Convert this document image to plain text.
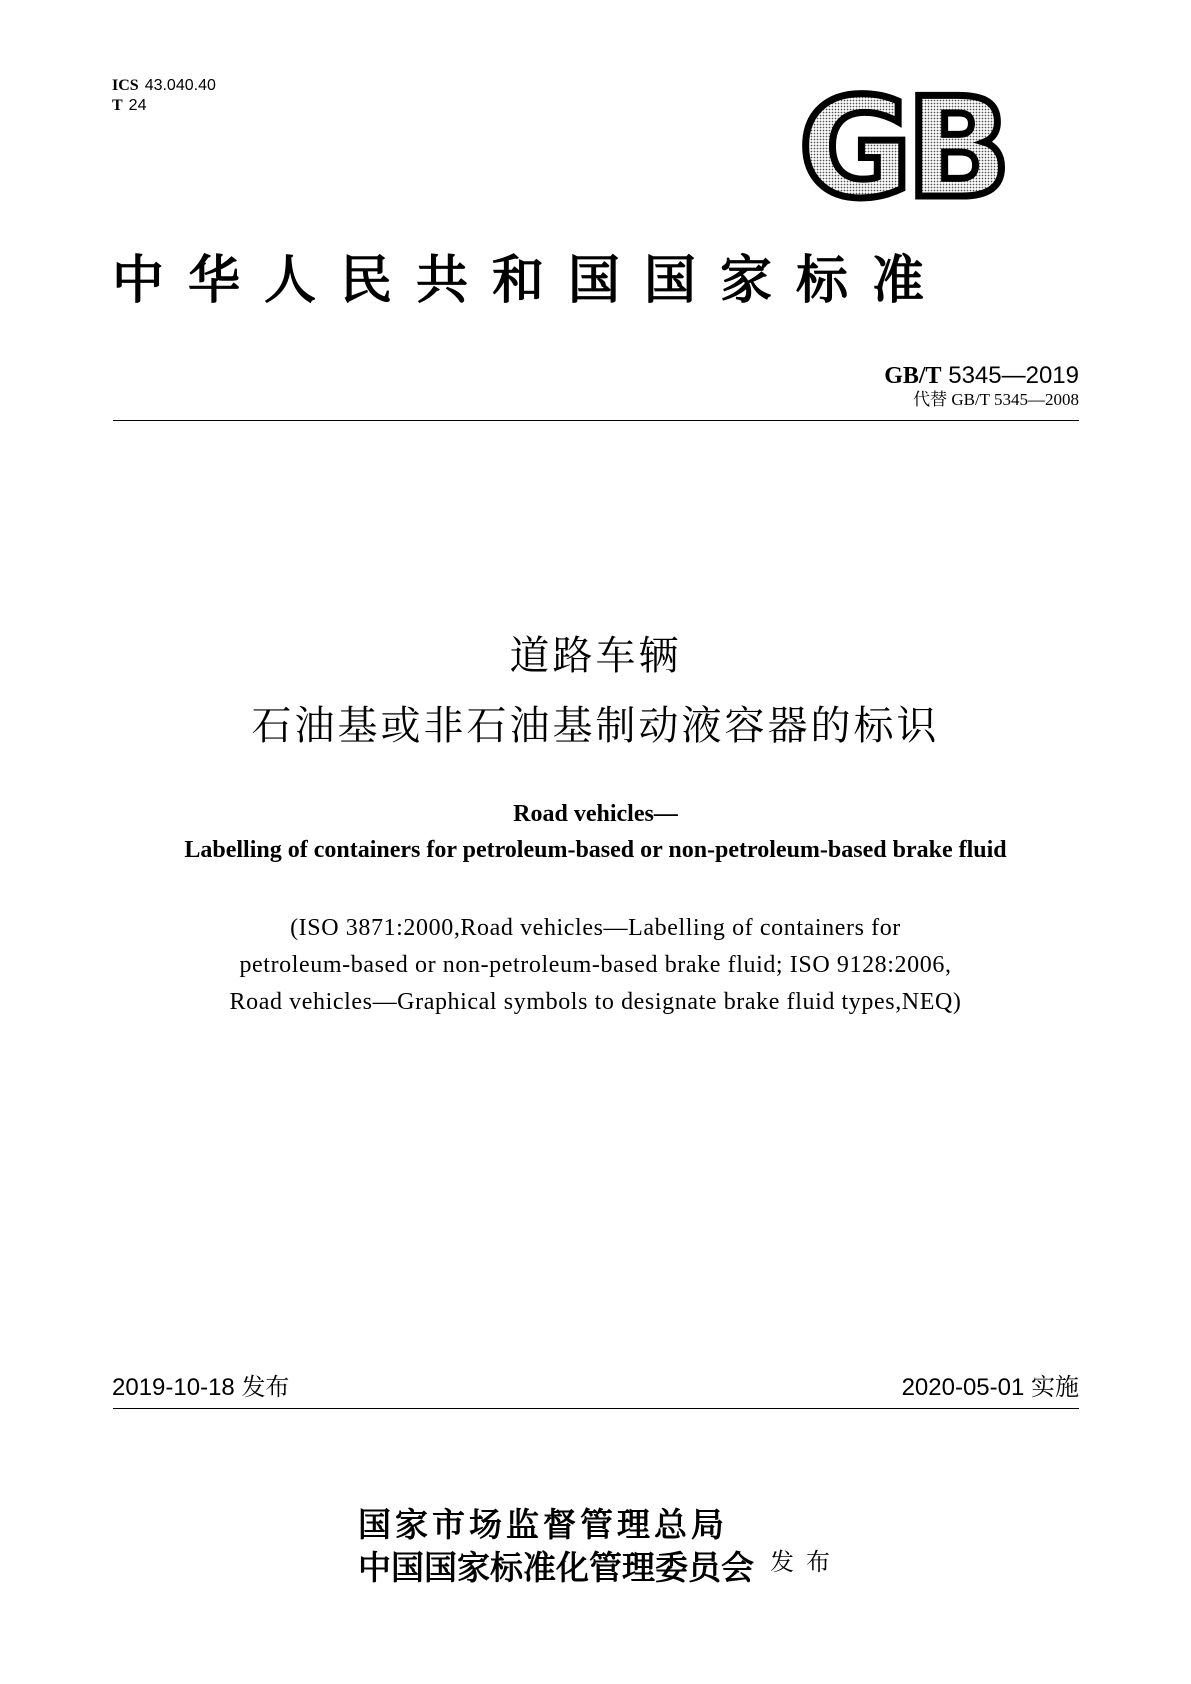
ICS 43.040.40
T 24	GB
中华人民共和国国家标准
GB/T 5345—2019
代替 GB/T 5345—2008
道路车辆
石油基或非石油基制动液容器的标识
Road vehicles—
Labelling of containers for petroleum-based or non-petroleum-based brake fluid
(ISO 3871:2000,Road vehicles—Labelling of containers for
petroleum-based or non-petroleum-based brake fluid; ISO 9128:2006,
Road vehicles—Graphical symbols to designate brake fluid types,NEQ)
2019-10-18 发布	2020-05-01 实施
国家市场监督管理总局
中国国家标准化管理委员会 发布
